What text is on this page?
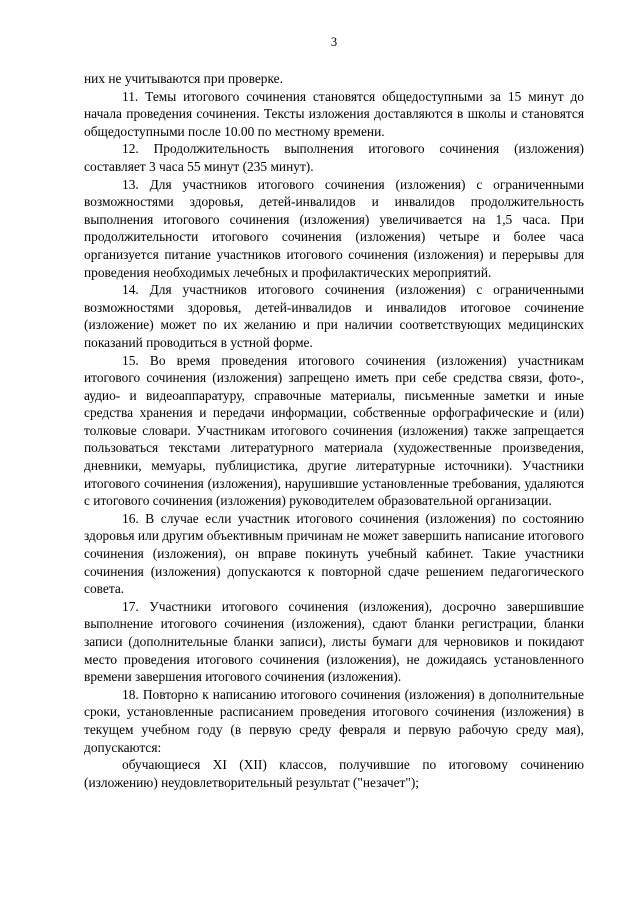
3

них не учитываются при проверке.

11. Темы итогового сочинения становятся общедоступными за 15 минут до начала проведения сочинения. Тексты изложения доставляются в школы и становятся общедоступными после 10.00 по местному времени.

12. Продолжительность выполнения итогового сочинения (изложения) составляет 3 часа 55 минут (235 минут).

13. Для участников итогового сочинения (изложения) с ограниченными возможностями здоровья, детей-инвалидов и инвалидов продолжительность выполнения итогового сочинения (изложения) увеличивается на 1,5 часа. При продолжительности итогового сочинения (изложения) четыре и более часа организуется питание участников итогового сочинения (изложения) и перерывы для проведения необходимых лечебных и профилактических мероприятий.

14. Для участников итогового сочинения (изложения) с ограниченными возможностями здоровья, детей-инвалидов и инвалидов итоговое сочинение (изложение) может по их желанию и при наличии соответствующих медицинских показаний проводиться в устной форме.

15. Во время проведения итогового сочинения (изложения) участникам итогового сочинения (изложения) запрещено иметь при себе средства связи, фото-, аудио- и видеоаппаратуру, справочные материалы, письменные заметки и иные средства хранения и передачи информации, собственные орфографические и (или) толковые словари. Участникам итогового сочинения (изложения) также запрещается пользоваться текстами литературного материала (художественные произведения, дневники, мемуары, публицистика, другие литературные источники). Участники итогового сочинения (изложения), нарушившие установленные требования, удаляются с итогового сочинения (изложения) руководителем образовательной организации.

16. В случае если участник итогового сочинения (изложения) по состоянию здоровья или другим объективным причинам не может завершить написание итогового сочинения (изложения), он вправе покинуть учебный кабинет. Такие участники сочинения (изложения) допускаются к повторной сдаче решением педагогического совета.

17. Участники итогового сочинения (изложения), досрочно завершившие выполнение итогового сочинения (изложения), сдают бланки регистрации, бланки записи (дополнительные бланки записи), листы бумаги для черновиков и покидают место проведения итогового сочинения (изложения), не дожидаясь установленного времени завершения итогового сочинения (изложения).

18. Повторно к написанию итогового сочинения (изложения) в дополнительные сроки, установленные расписанием проведения итогового сочинения (изложения) в текущем учебном году (в первую среду февраля и первую рабочую среду мая), допускаются:

обучающиеся XI (XII) классов, получившие по итоговому сочинению (изложению) неудовлетворительный результат ("незачет");
